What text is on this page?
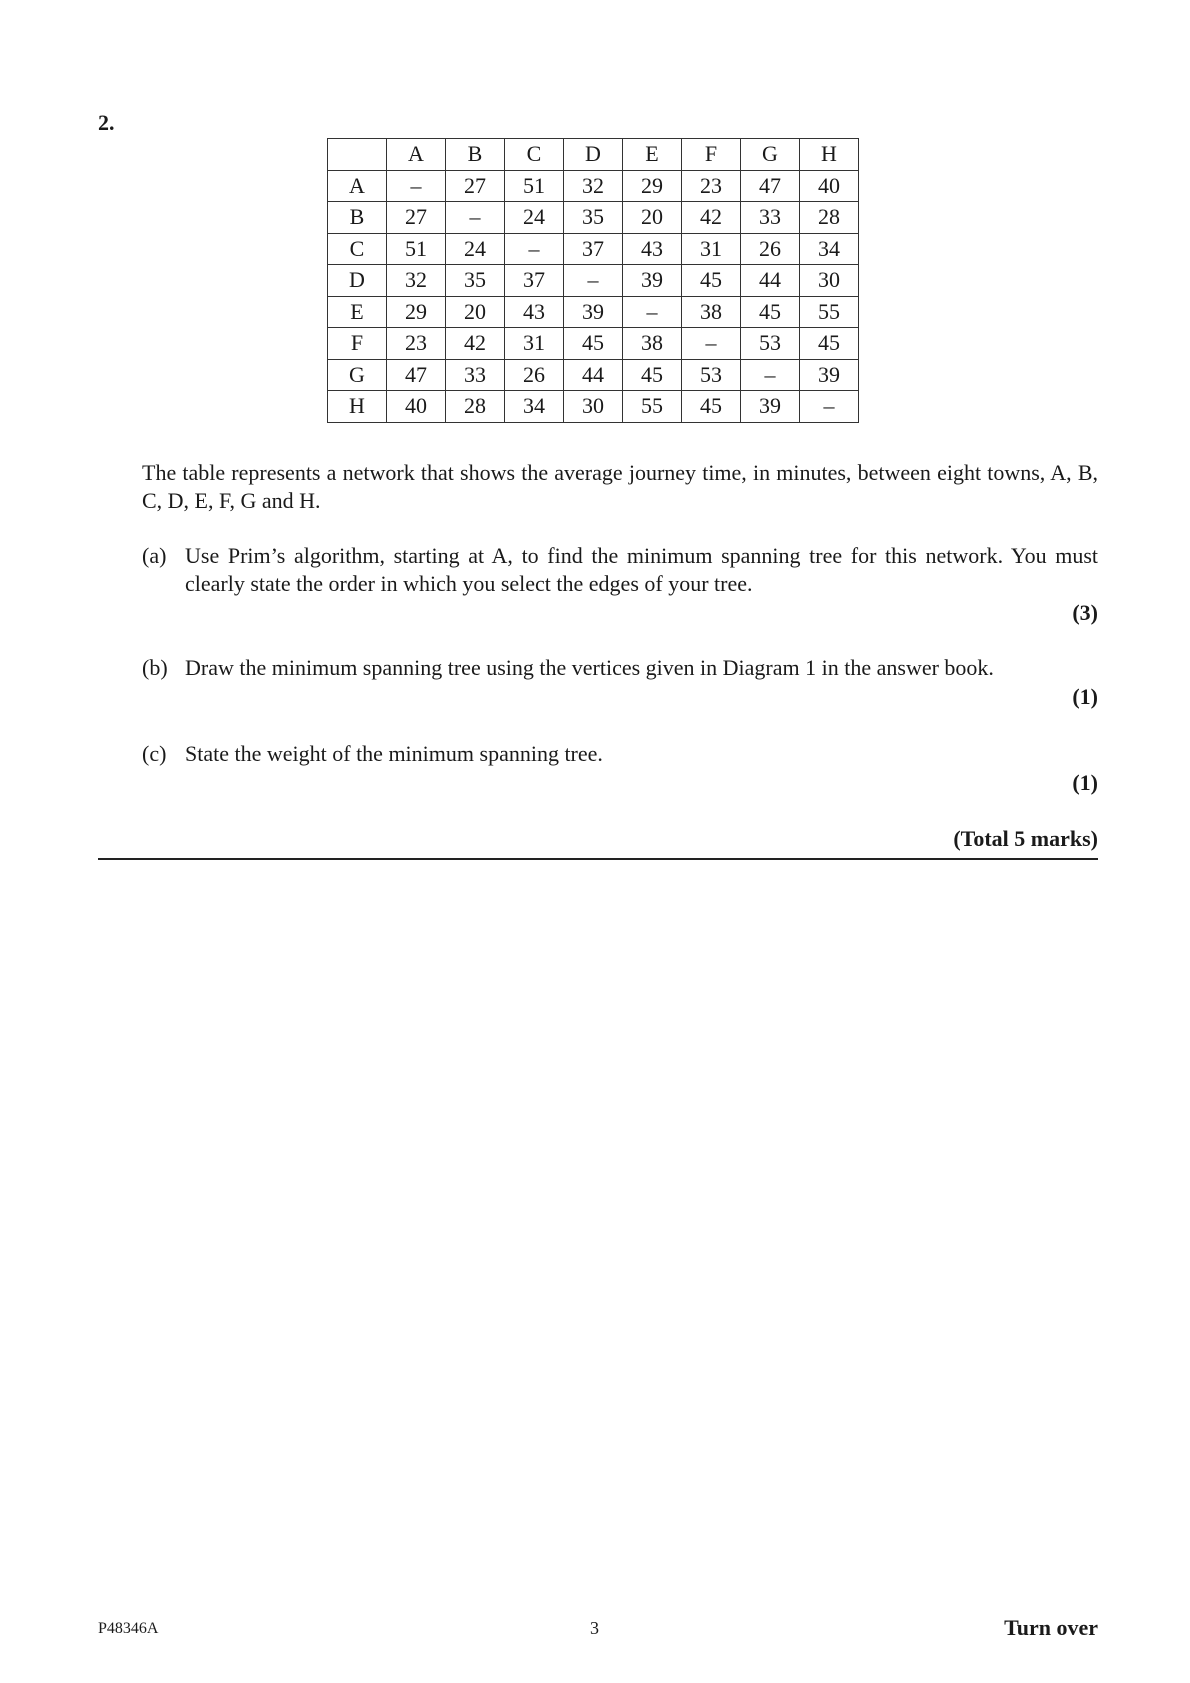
2.
	A	B	C	D	E	F	G	H
A	–	27	51	32	29	23	47	40
B	27	–	24	35	20	42	33	28
C	51	24	–	37	43	31	26	34
D	32	35	37	–	39	45	44	30
E	29	20	43	39	–	38	45	55
F	23	42	31	45	38	–	53	45
G	47	33	26	44	45	53	–	39
H	40	28	34	30	55	45	39	–
The table represents a network that shows the average journey time, in minutes, between eight towns, A, B, C, D, E, F, G and H.
(a) Use Prim’s algorithm, starting at A, to find the minimum spanning tree for this network. You must clearly state the order in which you select the edges of your tree.
(3)
(b) Draw the minimum spanning tree using the vertices given in Diagram 1 in the answer book.
(1)
(c) State the weight of the minimum spanning tree.
(1)
(Total 5 marks)
P48346A	3	Turn over
